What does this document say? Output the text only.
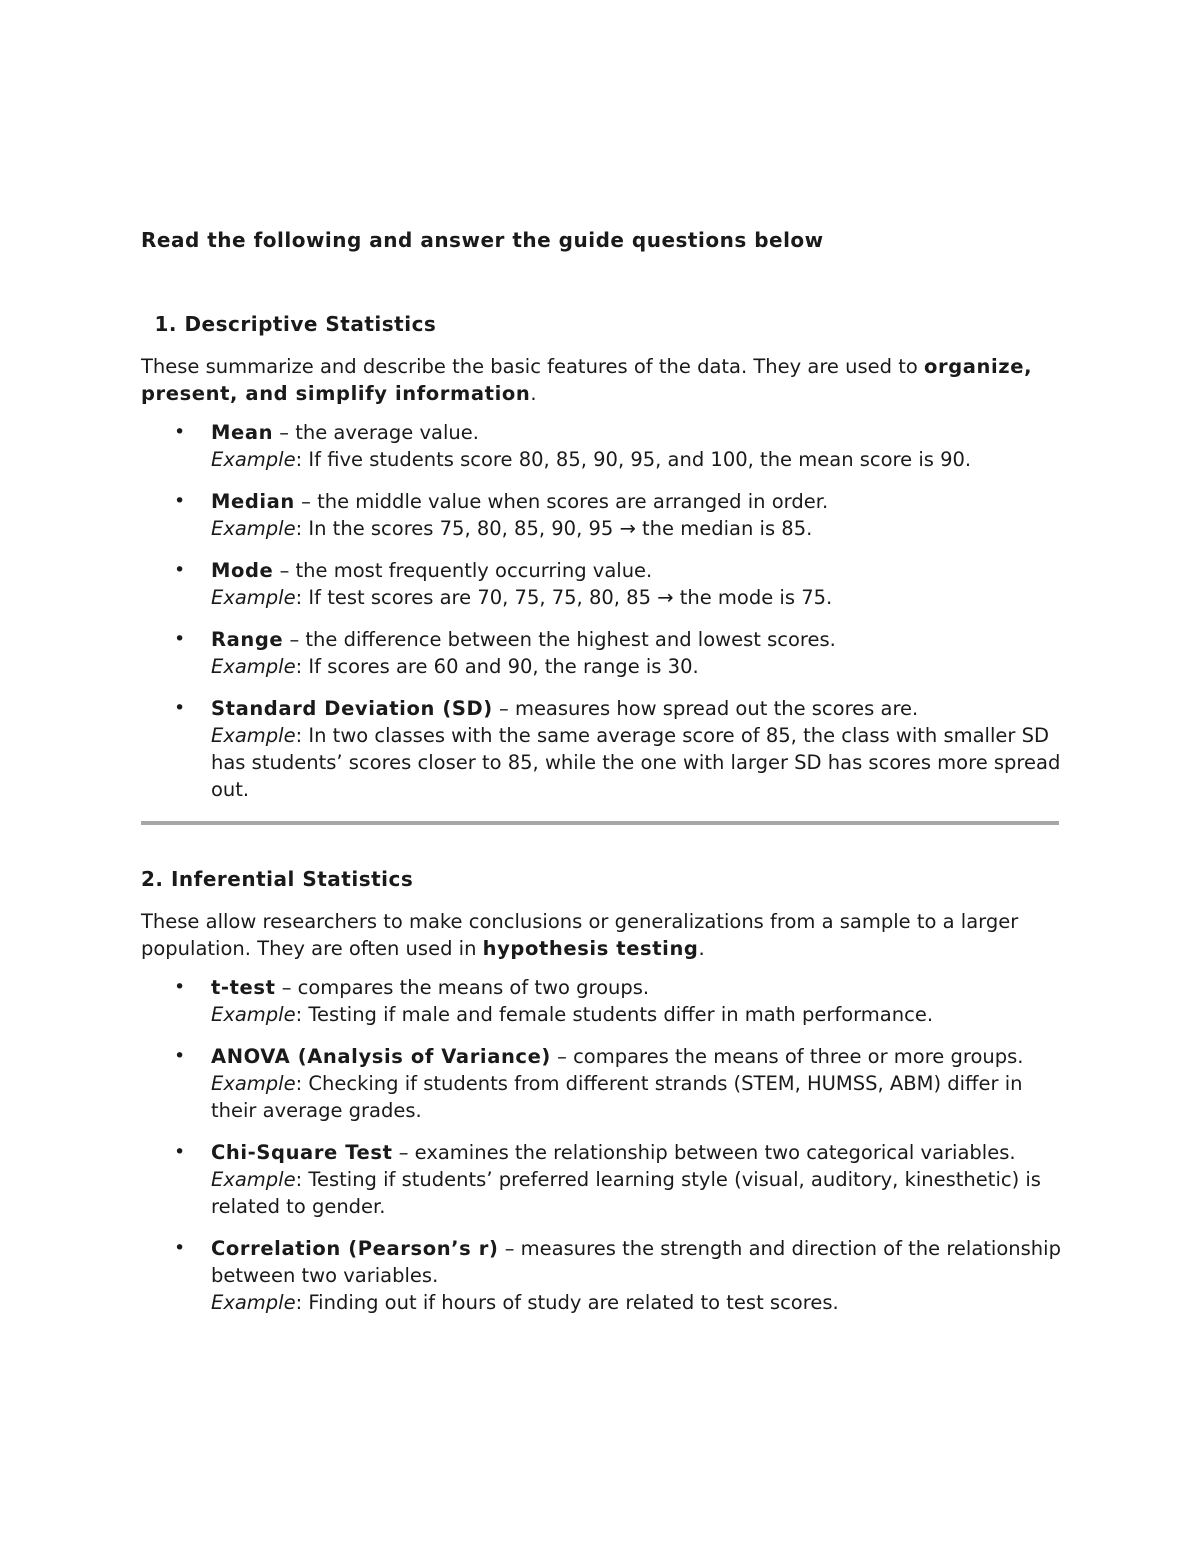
Read the following and answer the guide questions below

1. Descriptive Statistics

These summarize and describe the basic features of the data. They are used to organize, present, and simplify information.

• Mean – the average value.
Example: If five students score 80, 85, 90, 95, and 100, the mean score is 90.
• Median – the middle value when scores are arranged in order.
Example: In the scores 75, 80, 85, 90, 95 → the median is 85.
• Mode – the most frequently occurring value.
Example: If test scores are 70, 75, 75, 80, 85 → the mode is 75.
• Range – the difference between the highest and lowest scores.
Example: If scores are 60 and 90, the range is 30.
• Standard Deviation (SD) – measures how spread out the scores are.
Example: In two classes with the same average score of 85, the class with smaller SD has students’ scores closer to 85, while the one with larger SD has scores more spread out.

2. Inferential Statistics

These allow researchers to make conclusions or generalizations from a sample to a larger population. They are often used in hypothesis testing.

• t-test – compares the means of two groups.
Example: Testing if male and female students differ in math performance.
• ANOVA (Analysis of Variance) – compares the means of three or more groups.
Example: Checking if students from different strands (STEM, HUMSS, ABM) differ in their average grades.
• Chi-Square Test – examines the relationship between two categorical variables.
Example: Testing if students’ preferred learning style (visual, auditory, kinesthetic) is related to gender.
• Correlation (Pearson’s r) – measures the strength and direction of the relationship between two variables.
Example: Finding out if hours of study are related to test scores.
